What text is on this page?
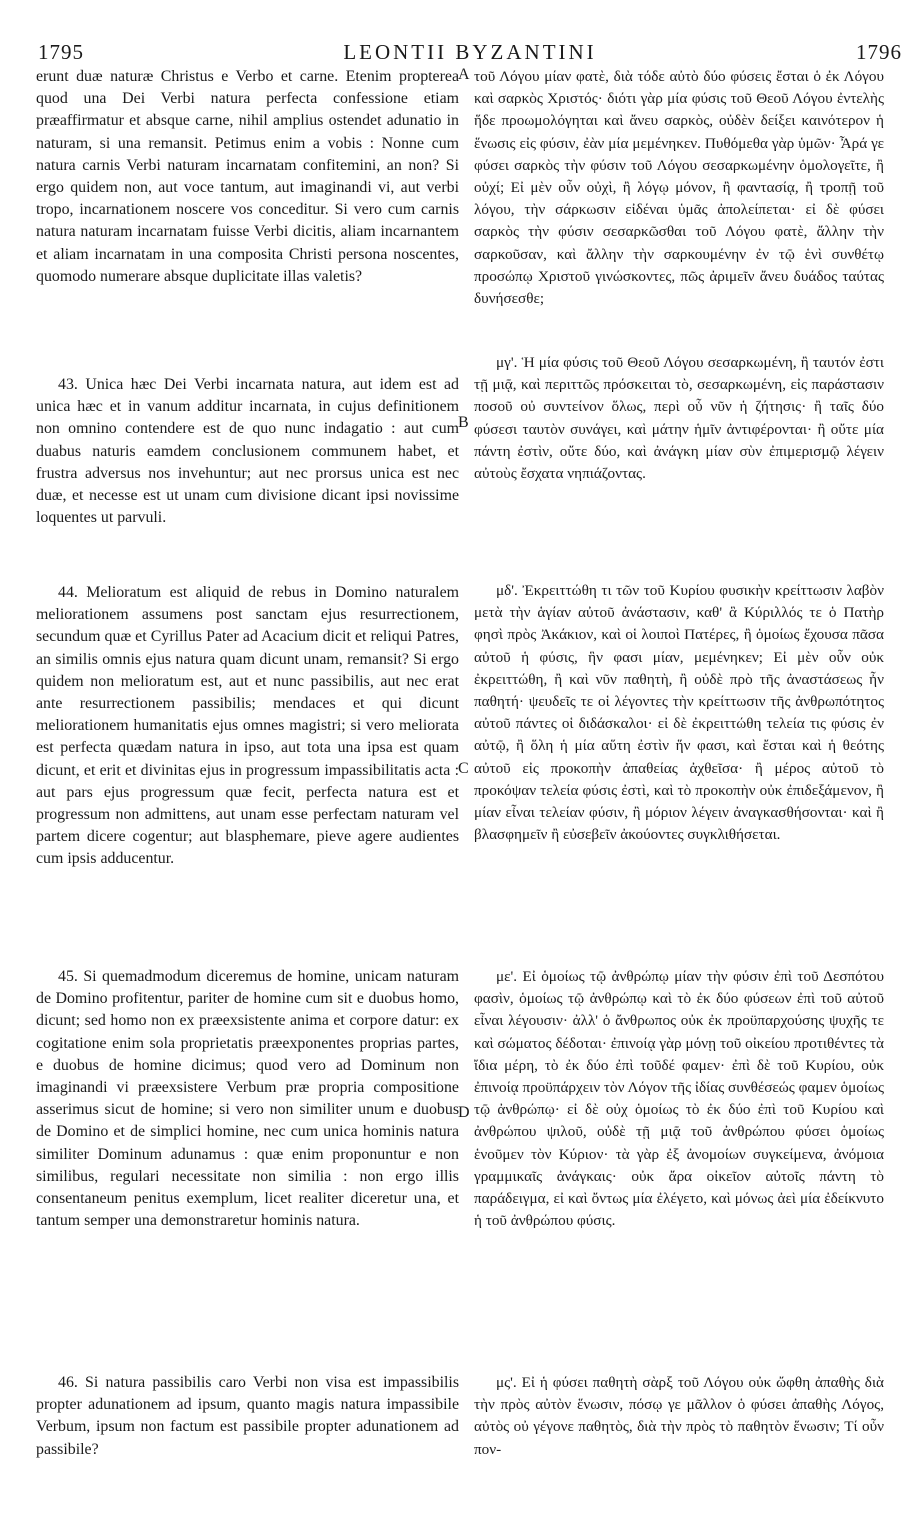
1795	LEONTII BYZANTINI	1796

erunt duæ naturæ Christus e Verbo et carne. Etenim propterea quod una Dei Verbi natura perfecta confessione etiam præaffirmatur et absque carne, nihil amplius ostendet adunatio in naturam, si una remansit. Petimus enim a vobis : Nonne cum natura carnis Verbi naturam incarnatam confitemini, an non? Si ergo quidem non, aut voce tantum, aut imaginandi vi, aut verbi tropo, incarnationem noscere vos conceditur. Si vero cum carnis natura naturam incarnatam fuisse Verbi dicitis, aliam incarnantem et aliam incarnatam in una composita Christi persona noscentes, quomodo numerare absque duplicitate illas valetis?

43. Unica hæc Dei Verbi incarnata natura, aut idem est ad unica hæc et in vanum additur incarnata, in cujus definitionem non omnino contendere est de quo nunc indagatio : aut cum duabus naturis eamdem conclusionem communem habet, et frustra adversus nos invehuntur; aut nec prorsus unica est nec duæ, et necesse est ut unam cum divisione dicant ipsi novissime loquentes ut parvuli.

44. Melioratum est aliquid de rebus in Domino naturalem meliorationem assumens post sanctam ejus resurrectionem, secundum quæ et Cyrillus Pater ad Acacium dicit et reliqui Patres, an similis omnis ejus natura quam dicunt unam, remansit? Si ergo quidem non melioratum est, aut et nunc passibilis, aut nec erat ante resurrectionem passibilis; mendaces et qui dicunt meliorationem humanitatis ejus omnes magistri; si vero meliorata est perfecta quædam natura in ipso, aut tota una ipsa est quam dicunt, et erit et divinitas ejus in progressum impassibilitatis acta : aut pars ejus progressum quæ fecit, perfecta natura est et progressum non admittens, aut unam esse perfectam naturam vel partem dicere cogentur; aut blasphemare, pieve agere audientes cum ipsis adducentur.

45. Si quemadmodum diceremus de homine, unicam naturam de Domino profitentur, pariter de homine cum sit e duobus homo, dicunt; sed homo non ex præexsistente anima et corpore datur: ex cogitatione enim sola proprietatis præexponentes proprias partes, e duobus de homine dicimus; quod vero ad Dominum non imaginandi vi præexsistere Verbum præ propria compositione asserimus sicut de homine; si vero non similiter unum e duobus de Domino et de simplici homine, nec cum unica hominis natura similiter Dominum adunamus : quæ enim proponuntur e non similibus, regulari necessitate non similia : non ergo illis consentaneum penitus exemplum, licet realiter diceretur una, et tantum semper una demonstraretur hominis natura.

46. Si natura passibilis caro Verbi non visa est impassibilis propter adunationem ad ipsum, quanto magis natura impassibile Verbum, ipsum non factum est passibile propter adunationem ad passibile?

A
B
C
D

τοῦ Λόγου μίαν φατὲ, διὰ τόδε αὐτὸ δύο φύσεις ἔσται ὁ ἐκ Λόγου καὶ σαρκὸς Χριστός· διότι γὰρ μία φύσις τοῦ Θεοῦ Λόγου ἐντελὴς ἥδε προωμολόγηται καὶ ἄνευ σαρκὸς, οὐδὲν δείξει καινότερον ἡ ἕνωσις εἰς φύσιν, ἐὰν μία μεμένηκεν. Πυθόμεθα γὰρ ὑμῶν· Ἆρά γε φύσει σαρκὸς τὴν φύσιν τοῦ Λόγου σεσαρκωμένην ὁμολογεῖτε, ἢ οὐχί; Εἰ μὲν οὖν οὐχὶ, ἢ λόγῳ μόνον, ἢ φαντασίᾳ, ἢ τροπῇ τοῦ λόγου, τὴν σάρκωσιν εἰδέναι ὑμᾶς ἀπολείπεται· εἰ δὲ φύσει σαρκὸς τὴν φύσιν σεσαρκῶσθαι τοῦ Λόγου φατὲ, ἄλλην τὴν σαρκοῦσαν, καὶ ἄλλην τὴν σαρκουμένην ἐν τῷ ἑνὶ συνθέτῳ προσώπῳ Χριστοῦ γινώσκοντες, πῶς ἀριμεῖν ἄνευ δυάδος ταύτας δυνήσεσθε;

μγ'. Ἡ μία φύσις τοῦ Θεοῦ Λόγου σεσαρκωμένη, ἢ ταυτόν ἐστι τῇ μιᾷ, καὶ περιττῶς πρόσκειται τὸ, σεσαρκωμένη, εἰς παράστασιν ποσοῦ οὐ συντείνον ὅλως, περὶ οὗ νῦν ἡ ζήτησις· ἢ ταῖς δύο φύσεσι ταυτὸν συνάγει, καὶ μάτην ἡμῖν ἀντιφέρονται· ἢ οὔτε μία πάντη ἐστὶν, οὔτε δύο, καὶ ἀνάγκη μίαν σὺν ἐπιμερισμῷ λέγειν αὐτοὺς ἔσχατα νηπιάζοντας.

μδ'. Ἐκρειττώθη τι τῶν τοῦ Κυρίου φυσικὴν κρείττωσιν λαβὸν μετὰ τὴν ἁγίαν αὐτοῦ ἀνάστασιν, καθ' ἃ Κύριλλός τε ὁ Πατὴρ φησὶ πρὸς Ἀκάκιον, καὶ οἱ λοιποὶ Πατέρες, ἢ ὁμοίως ἔχουσα πᾶσα αὐτοῦ ἡ φύσις, ἣν φασι μίαν, μεμένηκεν; Εἰ μὲν οὖν οὐκ ἐκρειττώθη, ἢ καὶ νῦν παθητὴ, ἢ οὐδὲ πρὸ τῆς ἀναστάσεως ἦν παθητή· ψευδεῖς τε οἱ λέγοντες τὴν κρείττωσιν τῆς ἀνθρωπότητος αὐτοῦ πάντες οἱ διδάσκαλοι· εἰ δὲ ἐκρειττώθη τελεία τις φύσις ἐν αὐτῷ, ἢ ὅλη ἡ μία αὕτη ἐστὶν ἥν φασι, καὶ ἔσται καὶ ἡ θεότης αὐτοῦ εἰς προκοπὴν ἀπαθείας ἀχθεῖσα· ἢ μέρος αὐτοῦ τὸ προκόψαν τελεία φύσις ἐστὶ, καὶ τὸ προκοπὴν οὐκ ἐπιδεξάμενον, ἢ μίαν εἶναι τελείαν φύσιν, ἢ μόριον λέγειν ἀναγκασθήσονται· καὶ ἢ βλασφημεῖν ἢ εὐσεβεῖν ἀκούοντες συγκλιθήσεται.

με'. Εἰ ὁμοίως τῷ ἀνθρώπῳ μίαν τὴν φύσιν ἐπὶ τοῦ Δεσπότου φασὶν, ὁμοίως τῷ ἀνθρώπῳ καὶ τὸ ἐκ δύο φύσεων ἐπὶ τοῦ αὐτοῦ εἶναι λέγουσιν· ἀλλ' ὁ ἄνθρωπος οὐκ ἐκ προϋπαρχούσης ψυχῆς τε καὶ σώματος δέδοται· ἐπινοίᾳ γὰρ μόνῃ τοῦ οἰκείου προτιθέντες τὰ ἴδια μέρη, τὸ ἐκ δύο ἐπὶ τοῦδέ φαμεν· ἐπὶ δὲ τοῦ Κυρίου, οὐκ ἐπινοίᾳ προϋπάρχειν τὸν Λόγον τῆς ἰδίας συνθέσεώς φαμεν ὁμοίως τῷ ἀνθρώπῳ· εἰ δὲ οὐχ ὁμοίως τὸ ἐκ δύο ἐπὶ τοῦ Κυρίου καὶ ἀνθρώπου ψιλοῦ, οὐδὲ τῇ μιᾷ τοῦ ἀνθρώπου φύσει ὁμοίως ἑνοῦμεν τὸν Κύριον· τὰ γὰρ ἐξ ἀνομοίων συγκείμενα, ἀνόμοια γραμμικαῖς ἀνάγκαις· οὐκ ἄρα οἰκεῖον αὐτοῖς πάντη τὸ παράδειγμα, εἰ καὶ ὄντως μία ἐλέγετο, καὶ μόνως ἀεὶ μία ἐδείκνυτο ἡ τοῦ ἀνθρώπου φύσις.

μς'. Εἰ ἡ φύσει παθητὴ σὰρξ τοῦ Λόγου οὐκ ὤφθη ἀπαθὴς διὰ τὴν πρὸς αὐτὸν ἕνωσιν, πόσῳ γε μᾶλλον ὁ φύσει ἀπαθὴς Λόγος, αὐτὸς οὐ γέγονε παθητὸς, διὰ τὴν πρὸς τὸ παθητὸν ἕνωσιν; Τί οὖν πον-
